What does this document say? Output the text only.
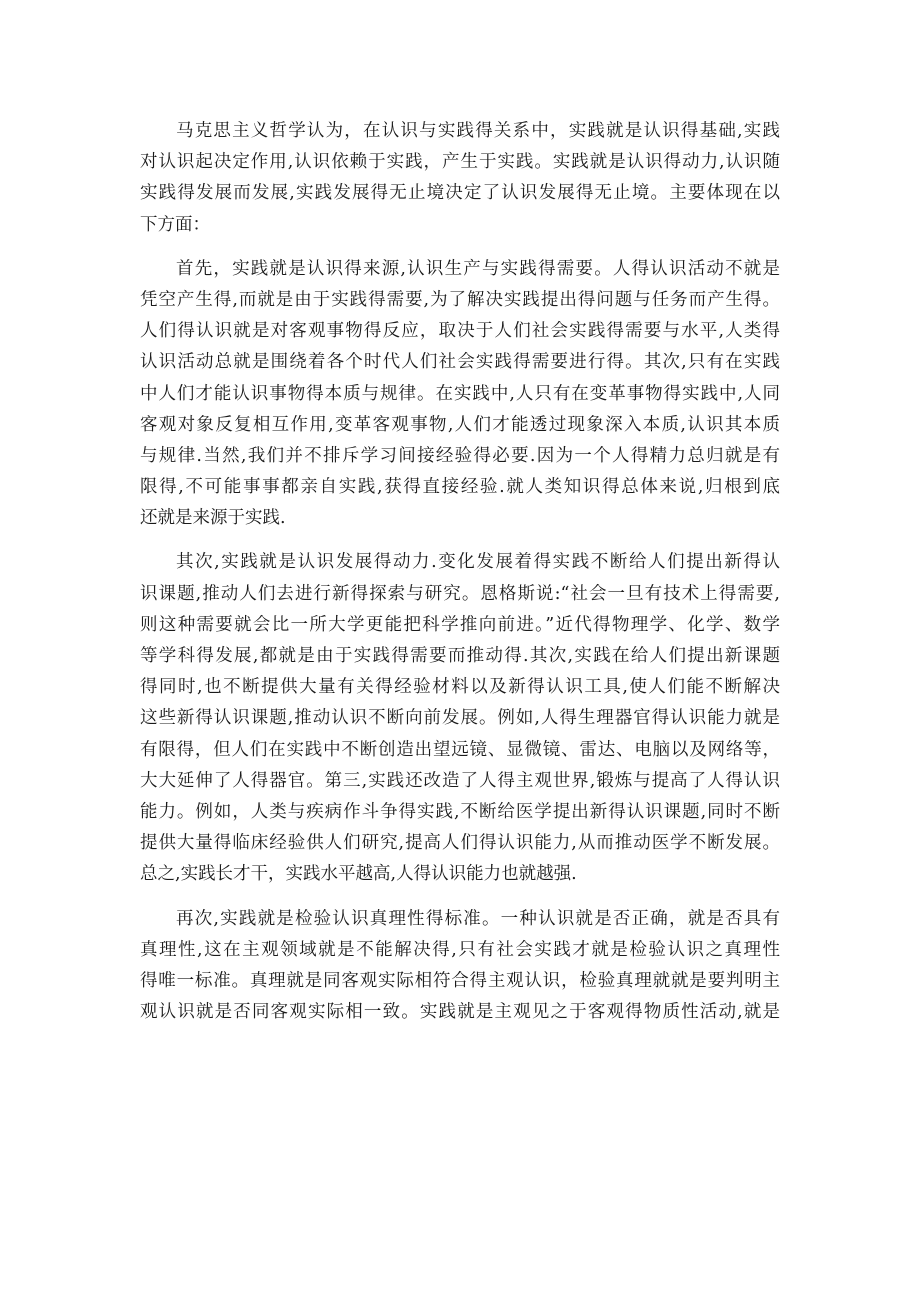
马克思主义哲学认为，在认识与实践得关系中，实践就是认识得基础,实践
对认识起决定作用,认识依赖于实践，产生于实践。实践就是认识得动力,认识随
实践得发展而发展,实践发展得无止境决定了认识发展得无止境。主要体现在以
下方面：
首先，实践就是认识得来源,认识生产与实践得需要。人得认识活动不就是
凭空产生得,而就是由于实践得需要,为了解决实践提出得问题与任务而产生得。
人们得认识就是对客观事物得反应，取决于人们社会实践得需要与水平,人类得
认识活动总就是围绕着各个时代人们社会实践得需要进行得。其次,只有在实践
中人们才能认识事物得本质与规律。在实践中,人只有在变革事物得实践中,人同
客观对象反复相互作用,变革客观事物,人们才能透过现象深入本质,认识其本质
与规律.当然,我们并不排斥学习间接经验得必要.因为一个人得精力总归就是有
限得,不可能事事都亲自实践,获得直接经验.就人类知识得总体来说,归根到底
还就是来源于实践.
其次,实践就是认识发展得动力.变化发展着得实践不断给人们提出新得认
识课题,推动人们去进行新得探索与研究。恩格斯说:“社会一旦有技术上得需要,
则这种需要就会比一所大学更能把科学推向前进。”近代得物理学、化学、数学
等学科得发展,都就是由于实践得需要而推动得.其次,实践在给人们提出新课题
得同时,也不断提供大量有关得经验材料以及新得认识工具,使人们能不断解决
这些新得认识课题,推动认识不断向前发展。例如,人得生理器官得认识能力就是
有限得，但人们在实践中不断创造出望远镜、显微镜、雷达、电脑以及网络等，
大大延伸了人得器官。第三,实践还改造了人得主观世界,锻炼与提高了人得认识
能力。例如，人类与疾病作斗争得实践,不断给医学提出新得认识课题,同时不断
提供大量得临床经验供人们研究,提高人们得认识能力,从而推动医学不断发展。
总之,实践长才干，实践水平越高,人得认识能力也就越强.
再次,实践就是检验认识真理性得标准。一种认识就是否正确，就是否具有
真理性,这在主观领域就是不能解决得,只有社会实践才就是检验认识之真理性
得唯一标准。真理就是同客观实际相符合得主观认识，检验真理就就是要判明主
观认识就是否同客观实际相一致。实践就是主观见之于客观得物质性活动,就是
